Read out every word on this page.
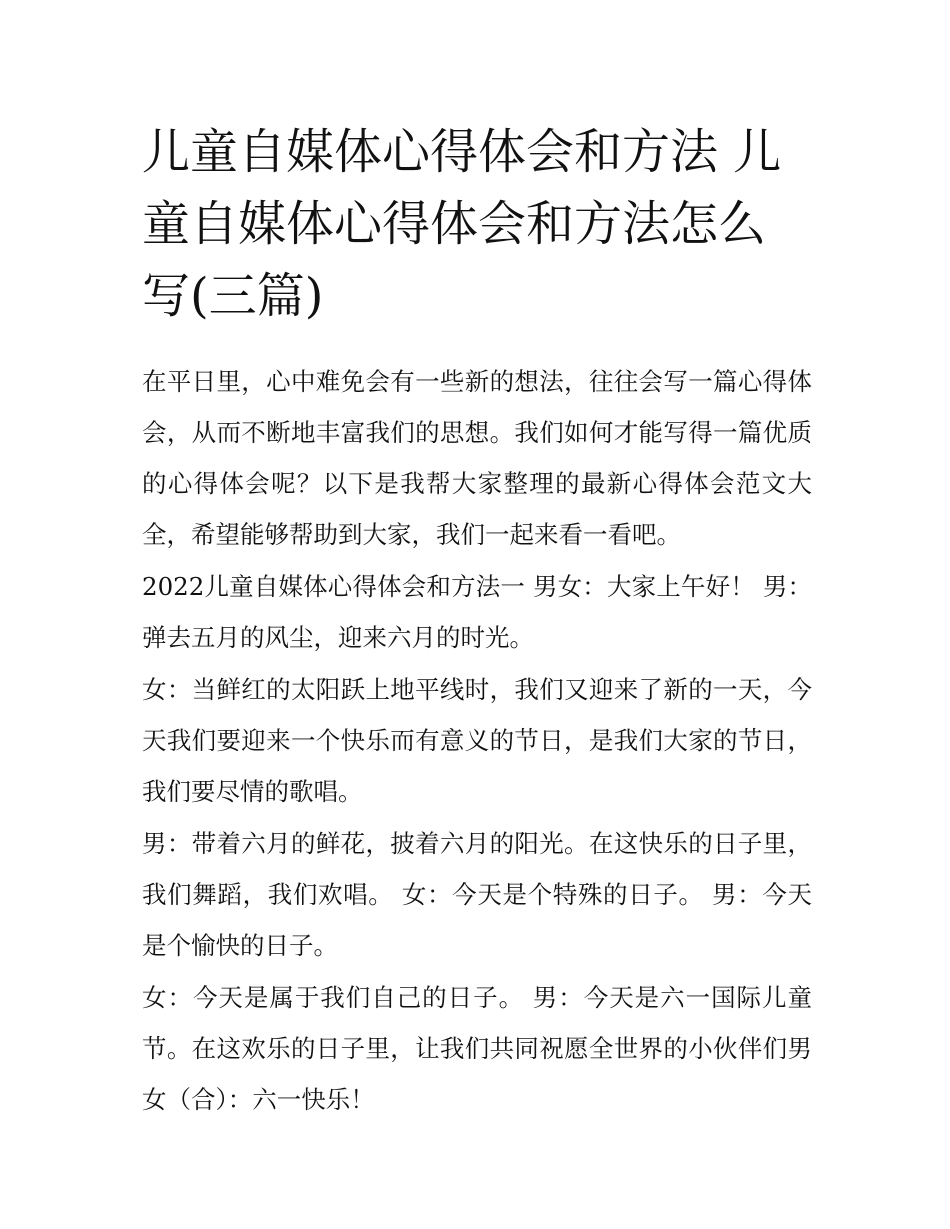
儿童自媒体心得体会和方法 儿童自媒体心得体会和方法怎么写(三篇)

在平日里，心中难免会有一些新的想法，往往会写一篇心得体会，从而不断地丰富我们的思想。我们如何才能写得一篇优质的心得体会呢？以下是我帮大家整理的最新心得体会范文大全，希望能够帮助到大家，我们一起来看一看吧。

2022儿童自媒体心得体会和方法一 男女：大家上午好！ 男：弹去五月的风尘，迎来六月的时光。

女：当鲜红的太阳跃上地平线时，我们又迎来了新的一天，今天我们要迎来一个快乐而有意义的节日，是我们大家的节日，我们要尽情的歌唱。

男：带着六月的鲜花，披着六月的阳光。在这快乐的日子里，我们舞蹈，我们欢唱。 女：今天是个特殊的日子。 男：今天是个愉快的日子。

女：今天是属于我们自己的日子。 男：今天是六一国际儿童节。在这欢乐的日子里，让我们共同祝愿全世界的小伙伴们男女（合）：六一快乐！
